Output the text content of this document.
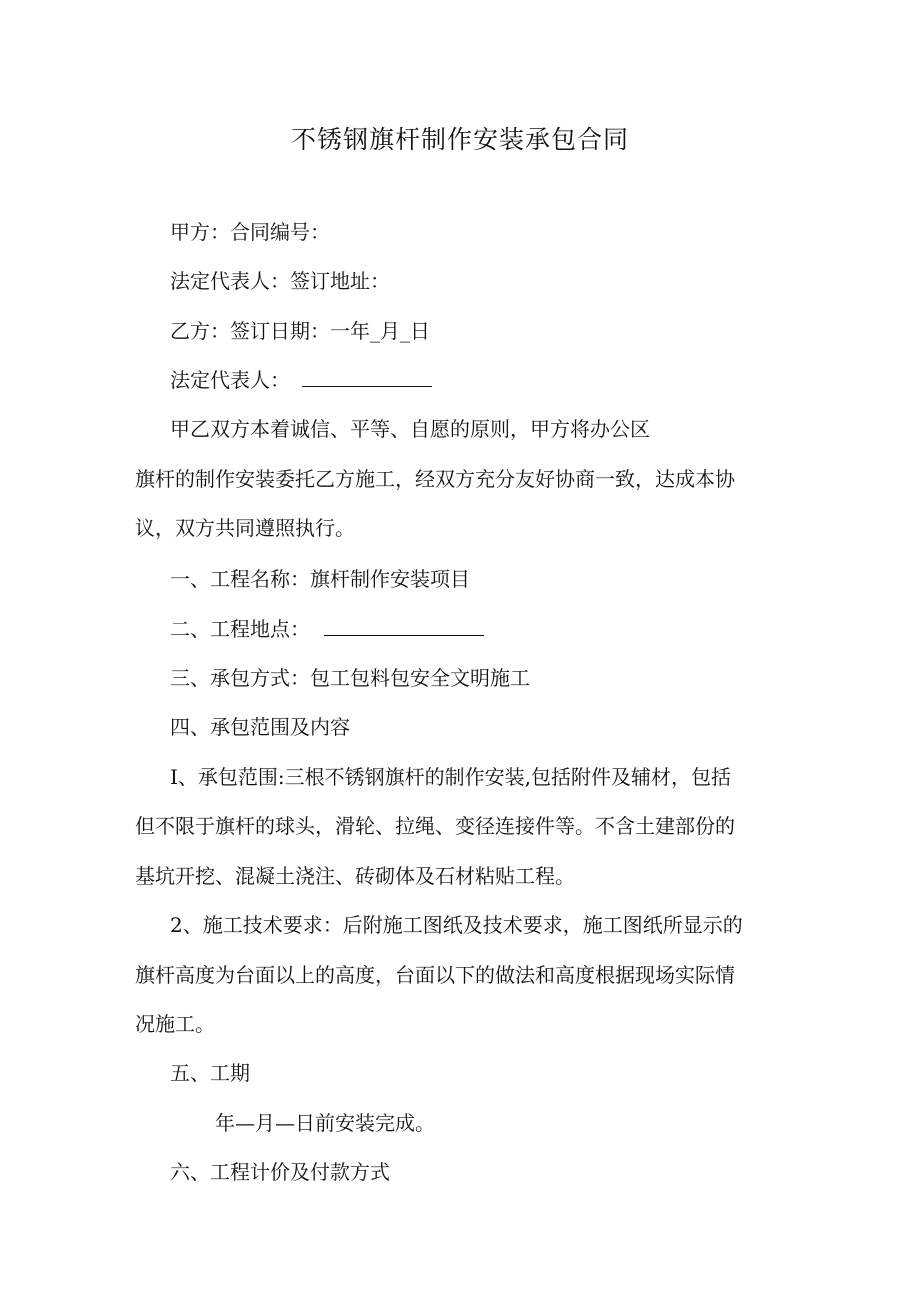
不锈钢旗杆制作安装承包合同
甲方：合同编号：
法定代表人：签订地址：
乙方：签订日期：一年_月_日
法定代表人：
甲乙双方本着诚信、平等、自愿的原则，甲方将办公区
旗杆的制作安装委托乙方施工，经双方充分友好协商一致，达成本协
议，双方共同遵照执行。
一、工程名称：旗杆制作安装项目
二、工程地点：
三、承包方式：包工包料包安全文明施工
四、承包范围及内容
I、承包范围:三根不锈钢旗杆的制作安装,包括附件及辅材，包括
但不限于旗杆的球头，滑轮、拉绳、变径连接件等。不含土建部份的
基坑开挖、混凝土浇注、砖砌体及石材粘贴工程。
2、施工技术要求：后附施工图纸及技术要求，施工图纸所显示的
旗杆高度为台面以上的高度，台面以下的做法和高度根据现场实际情
况施工。
五、工期
年—月—日前安装完成。
六、工程计价及付款方式
